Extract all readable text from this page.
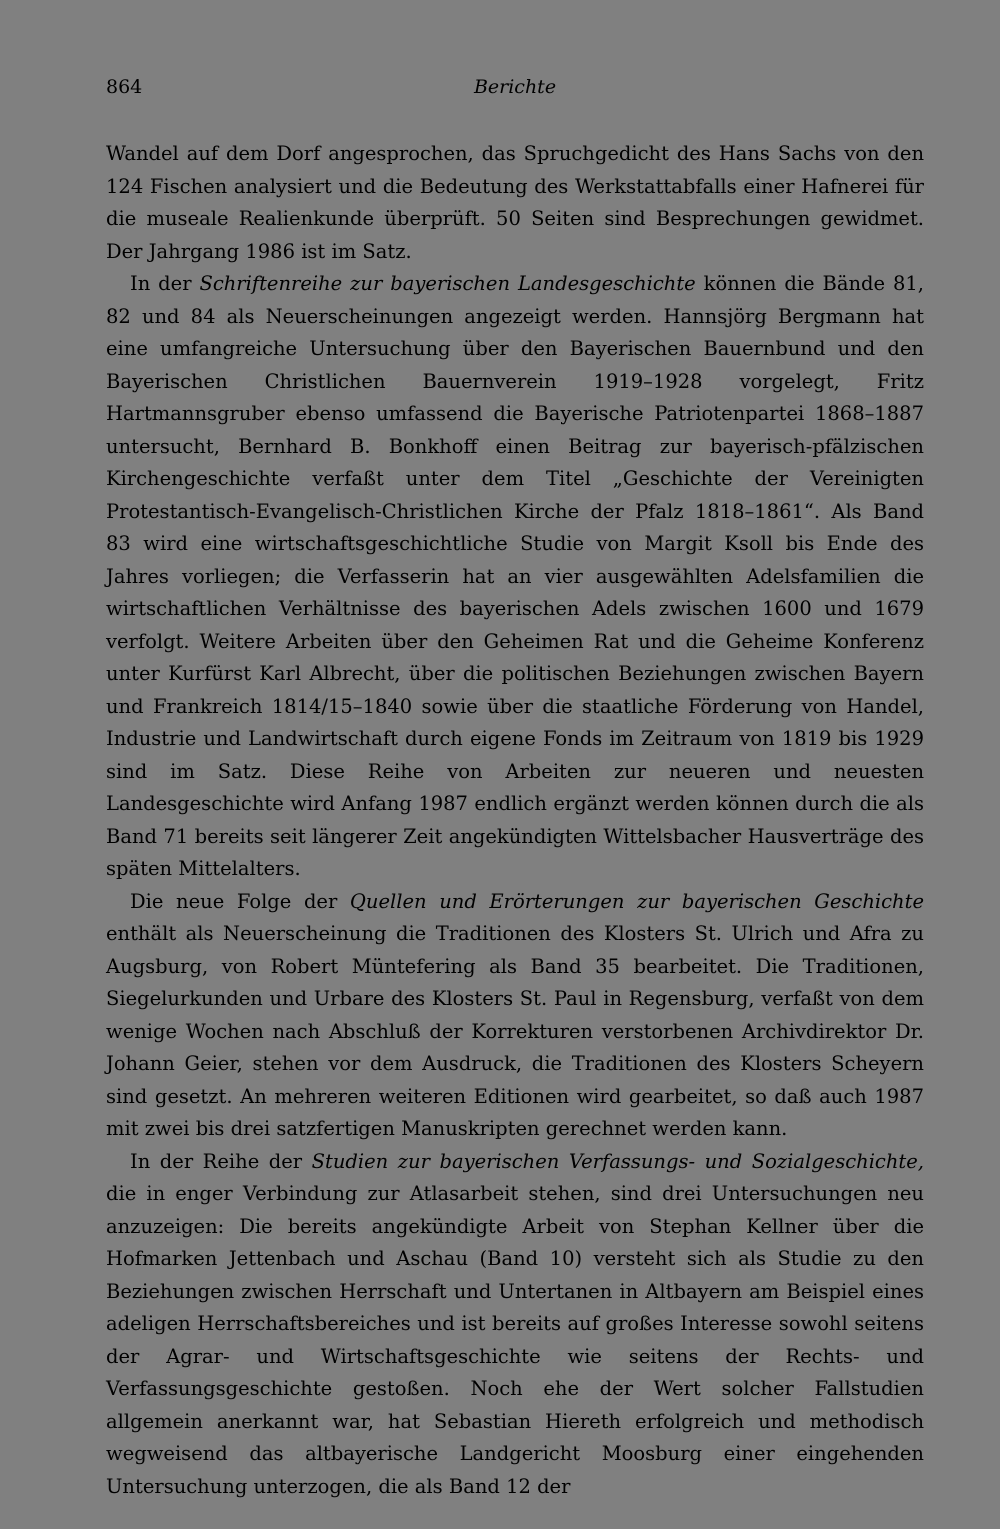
864	Berichte

Wandel auf dem Dorf angesprochen, das Spruchgedicht des Hans Sachs von den 124 Fischen analysiert und die Bedeutung des Werkstattabfalls einer Hafnerei für die museale Realienkunde überprüft. 50 Seiten sind Besprechungen gewidmet. Der Jahrgang 1986 ist im Satz.

In der Schriftenreihe zur bayerischen Landesgeschichte können die Bände 81, 82 und 84 als Neuerscheinungen angezeigt werden. Hannsjörg Bergmann hat eine umfangreiche Untersuchung über den Bayerischen Bauernbund und den Bayerischen Christlichen Bauernverein 1919–1928 vorgelegt, Fritz Hartmannsgruber ebenso umfassend die Bayerische Patriotenpartei 1868–1887 untersucht, Bernhard B. Bonkhoff einen Beitrag zur bayerisch-pfälzischen Kirchengeschichte verfaßt unter dem Titel „Geschichte der Vereinigten Protestantisch-Evangelisch-Christlichen Kirche der Pfalz 1818–1861“. Als Band 83 wird eine wirtschaftsgeschichtliche Studie von Margit Ksoll bis Ende des Jahres vorliegen; die Verfasserin hat an vier ausgewählten Adelsfamilien die wirtschaftlichen Verhältnisse des bayerischen Adels zwischen 1600 und 1679 verfolgt. Weitere Arbeiten über den Geheimen Rat und die Geheime Konferenz unter Kurfürst Karl Albrecht, über die politischen Beziehungen zwischen Bayern und Frankreich 1814/15–1840 sowie über die staatliche Förderung von Handel, Industrie und Landwirtschaft durch eigene Fonds im Zeitraum von 1819 bis 1929 sind im Satz. Diese Reihe von Arbeiten zur neueren und neuesten Landesgeschichte wird Anfang 1987 endlich ergänzt werden können durch die als Band 71 bereits seit längerer Zeit angekündigten Wittelsbacher Hausverträge des späten Mittelalters.

Die neue Folge der Quellen und Erörterungen zur bayerischen Geschichte enthält als Neuerscheinung die Traditionen des Klosters St. Ulrich und Afra zu Augsburg, von Robert Müntefering als Band 35 bearbeitet. Die Traditionen, Siegelurkunden und Urbare des Klosters St. Paul in Regensburg, verfaßt von dem wenige Wochen nach Abschluß der Korrekturen verstorbenen Archivdirektor Dr. Johann Geier, stehen vor dem Ausdruck, die Traditionen des Klosters Scheyern sind gesetzt. An mehreren weiteren Editionen wird gearbeitet, so daß auch 1987 mit zwei bis drei satzfertigen Manuskripten gerechnet werden kann.

In der Reihe der Studien zur bayerischen Verfassungs- und Sozialgeschichte, die in enger Verbindung zur Atlasarbeit stehen, sind drei Untersuchungen neu anzuzeigen: Die bereits angekündigte Arbeit von Stephan Kellner über die Hofmarken Jettenbach und Aschau (Band 10) versteht sich als Studie zu den Beziehungen zwischen Herrschaft und Untertanen in Altbayern am Beispiel eines adeligen Herrschaftsbereiches und ist bereits auf großes Interesse sowohl seitens der Agrar- und Wirtschaftsgeschichte wie seitens der Rechts- und Verfassungsgeschichte gestoßen. Noch ehe der Wert solcher Fallstudien allgemein anerkannt war, hat Sebastian Hiereth erfolgreich und methodisch wegweisend das altbayerische Landgericht Moosburg einer eingehenden Untersuchung unterzogen, die als Band 12 der
